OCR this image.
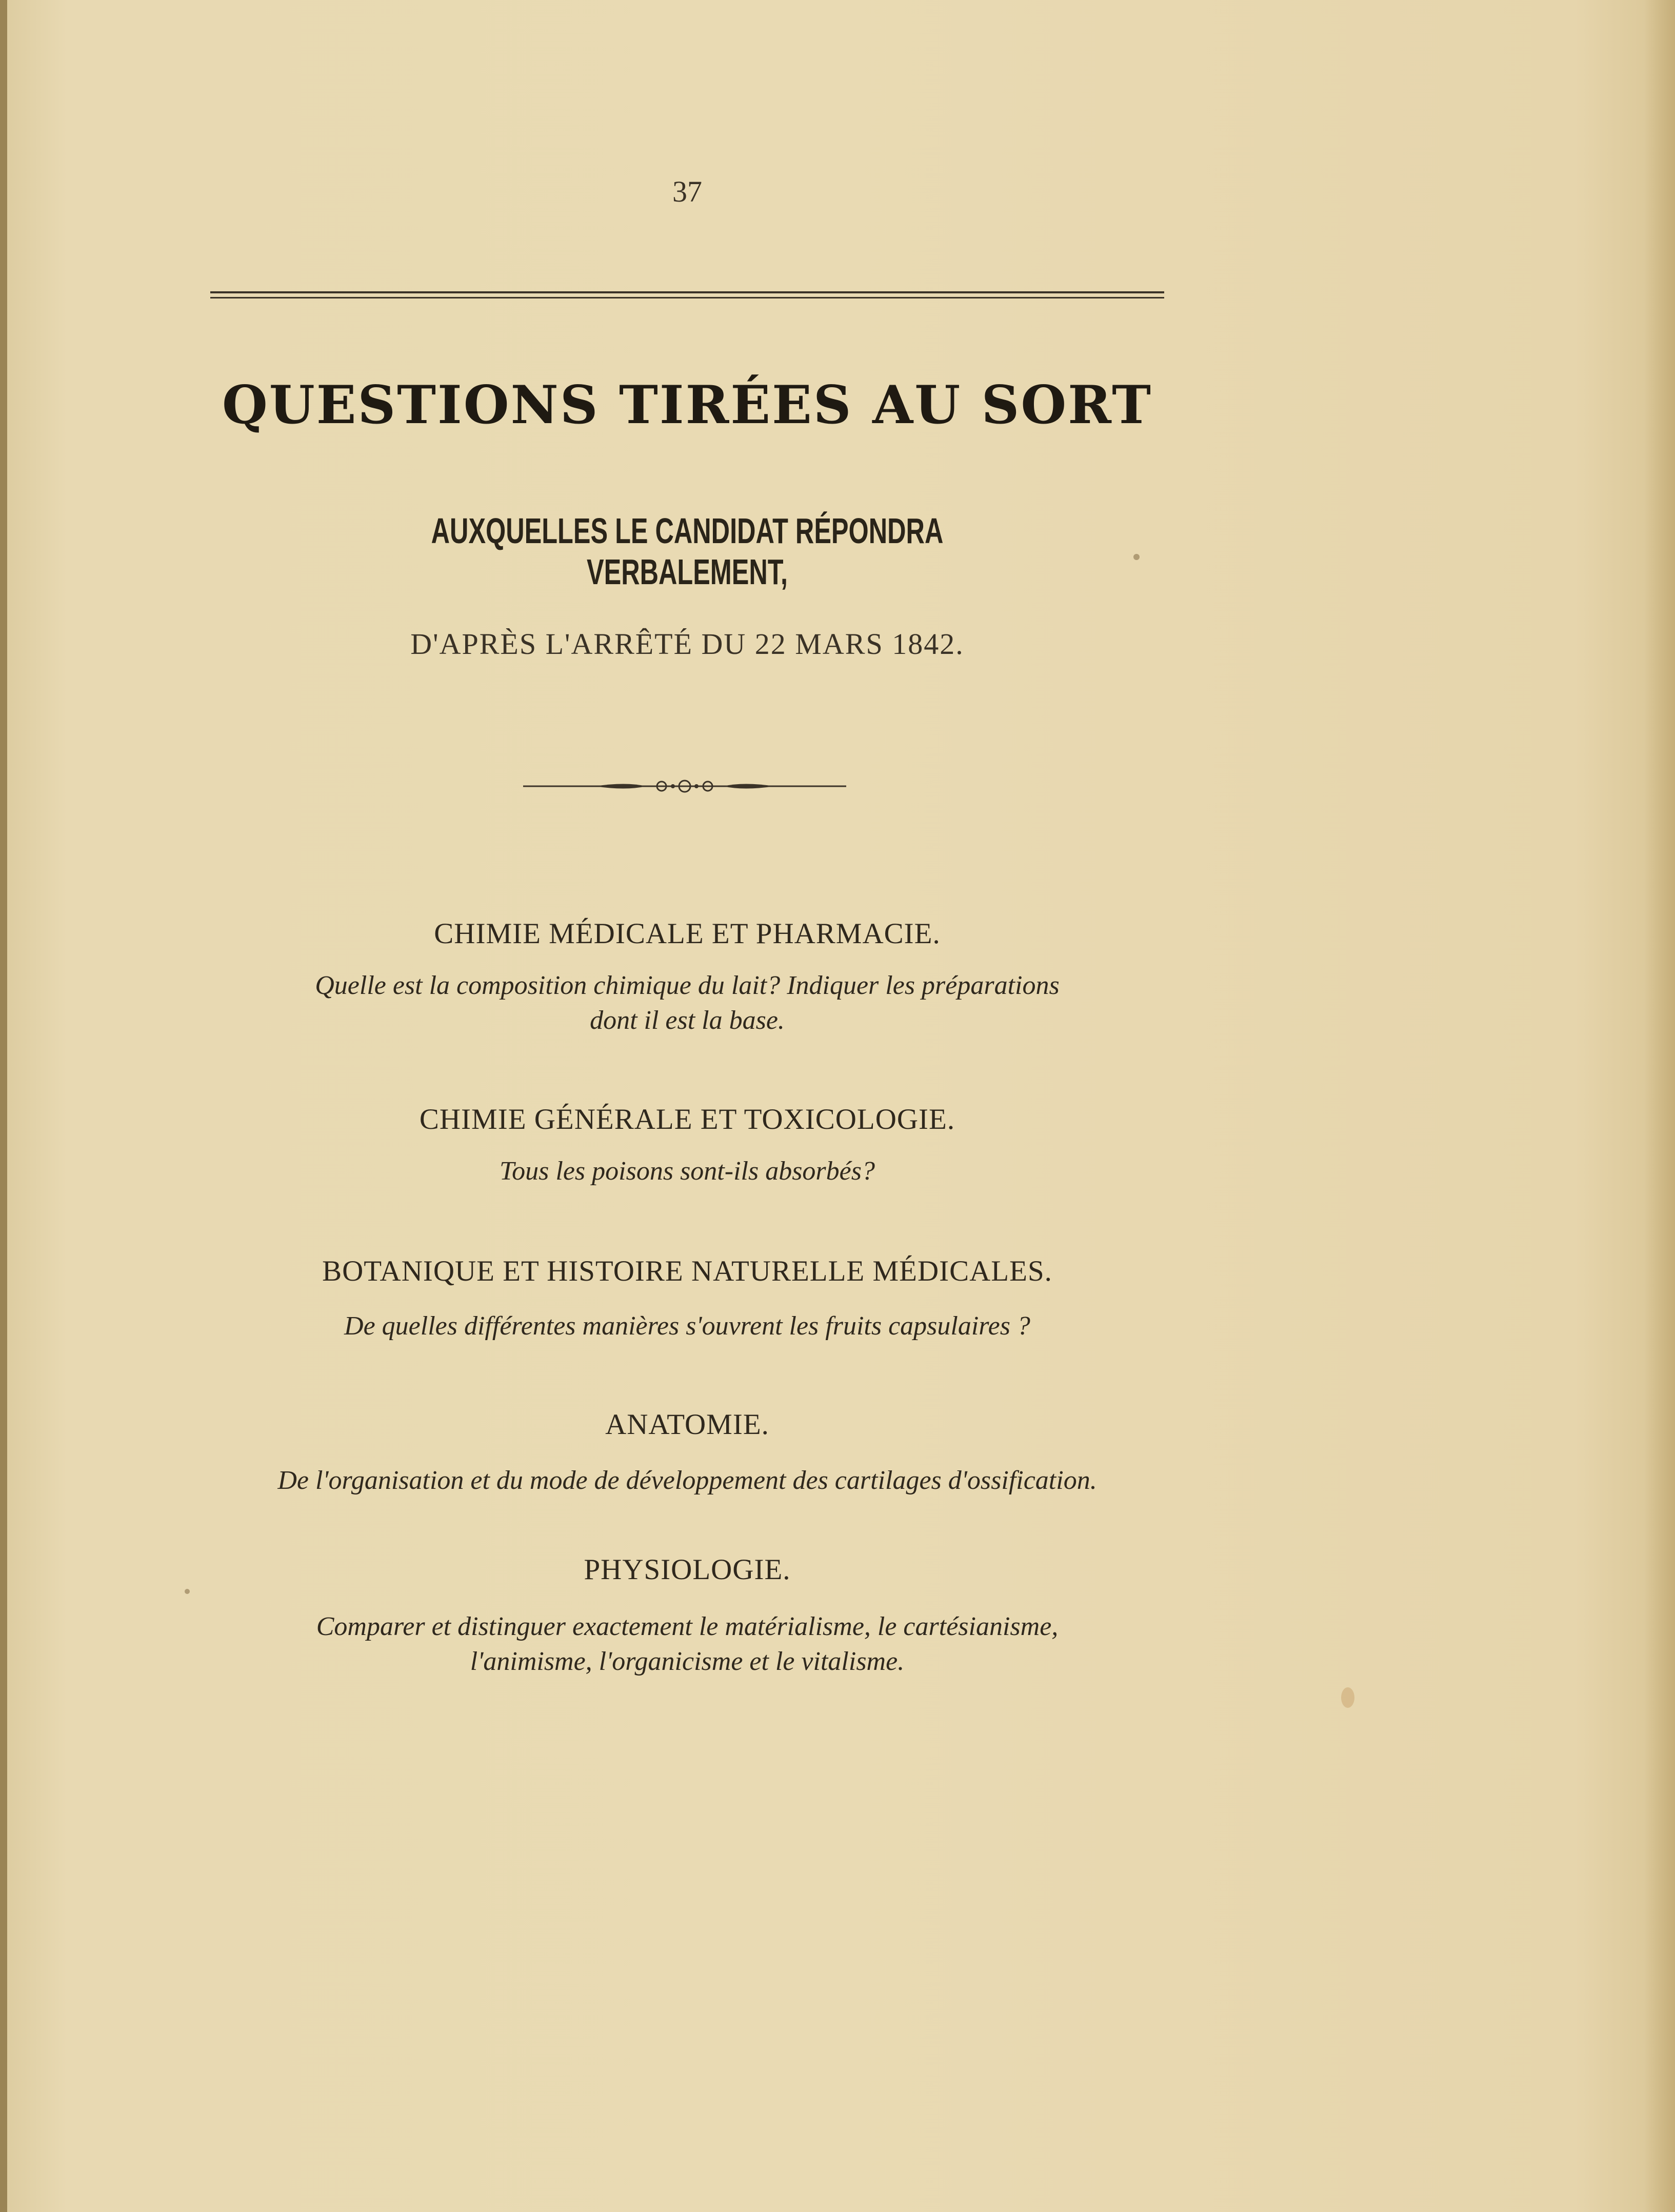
37
QUESTIONS TIRÉES AU SORT
AUXQUELLES LE CANDIDAT RÉPONDRA VERBALEMENT,
D'APRÈS L'ARRÊTÉ DU 22 MARS 1842.
CHIMIE MÉDICALE ET PHARMACIE.
Quelle est la composition chimique du lait? Indiquer les préparations
dont il est la base.
CHIMIE GÉNÉRALE ET TOXICOLOGIE.
Tous les poisons sont-ils absorbés?
BOTANIQUE ET HISTOIRE NATURELLE MÉDICALES.
De quelles différentes manières s'ouvrent les fruits capsulaires ?
ANATOMIE.
De l'organisation et du mode de développement des cartilages d'ossification.
PHYSIOLOGIE.
Comparer et distinguer exactement le matérialisme, le cartésianisme,
l'animisme, l'organicisme et le vitalisme.
